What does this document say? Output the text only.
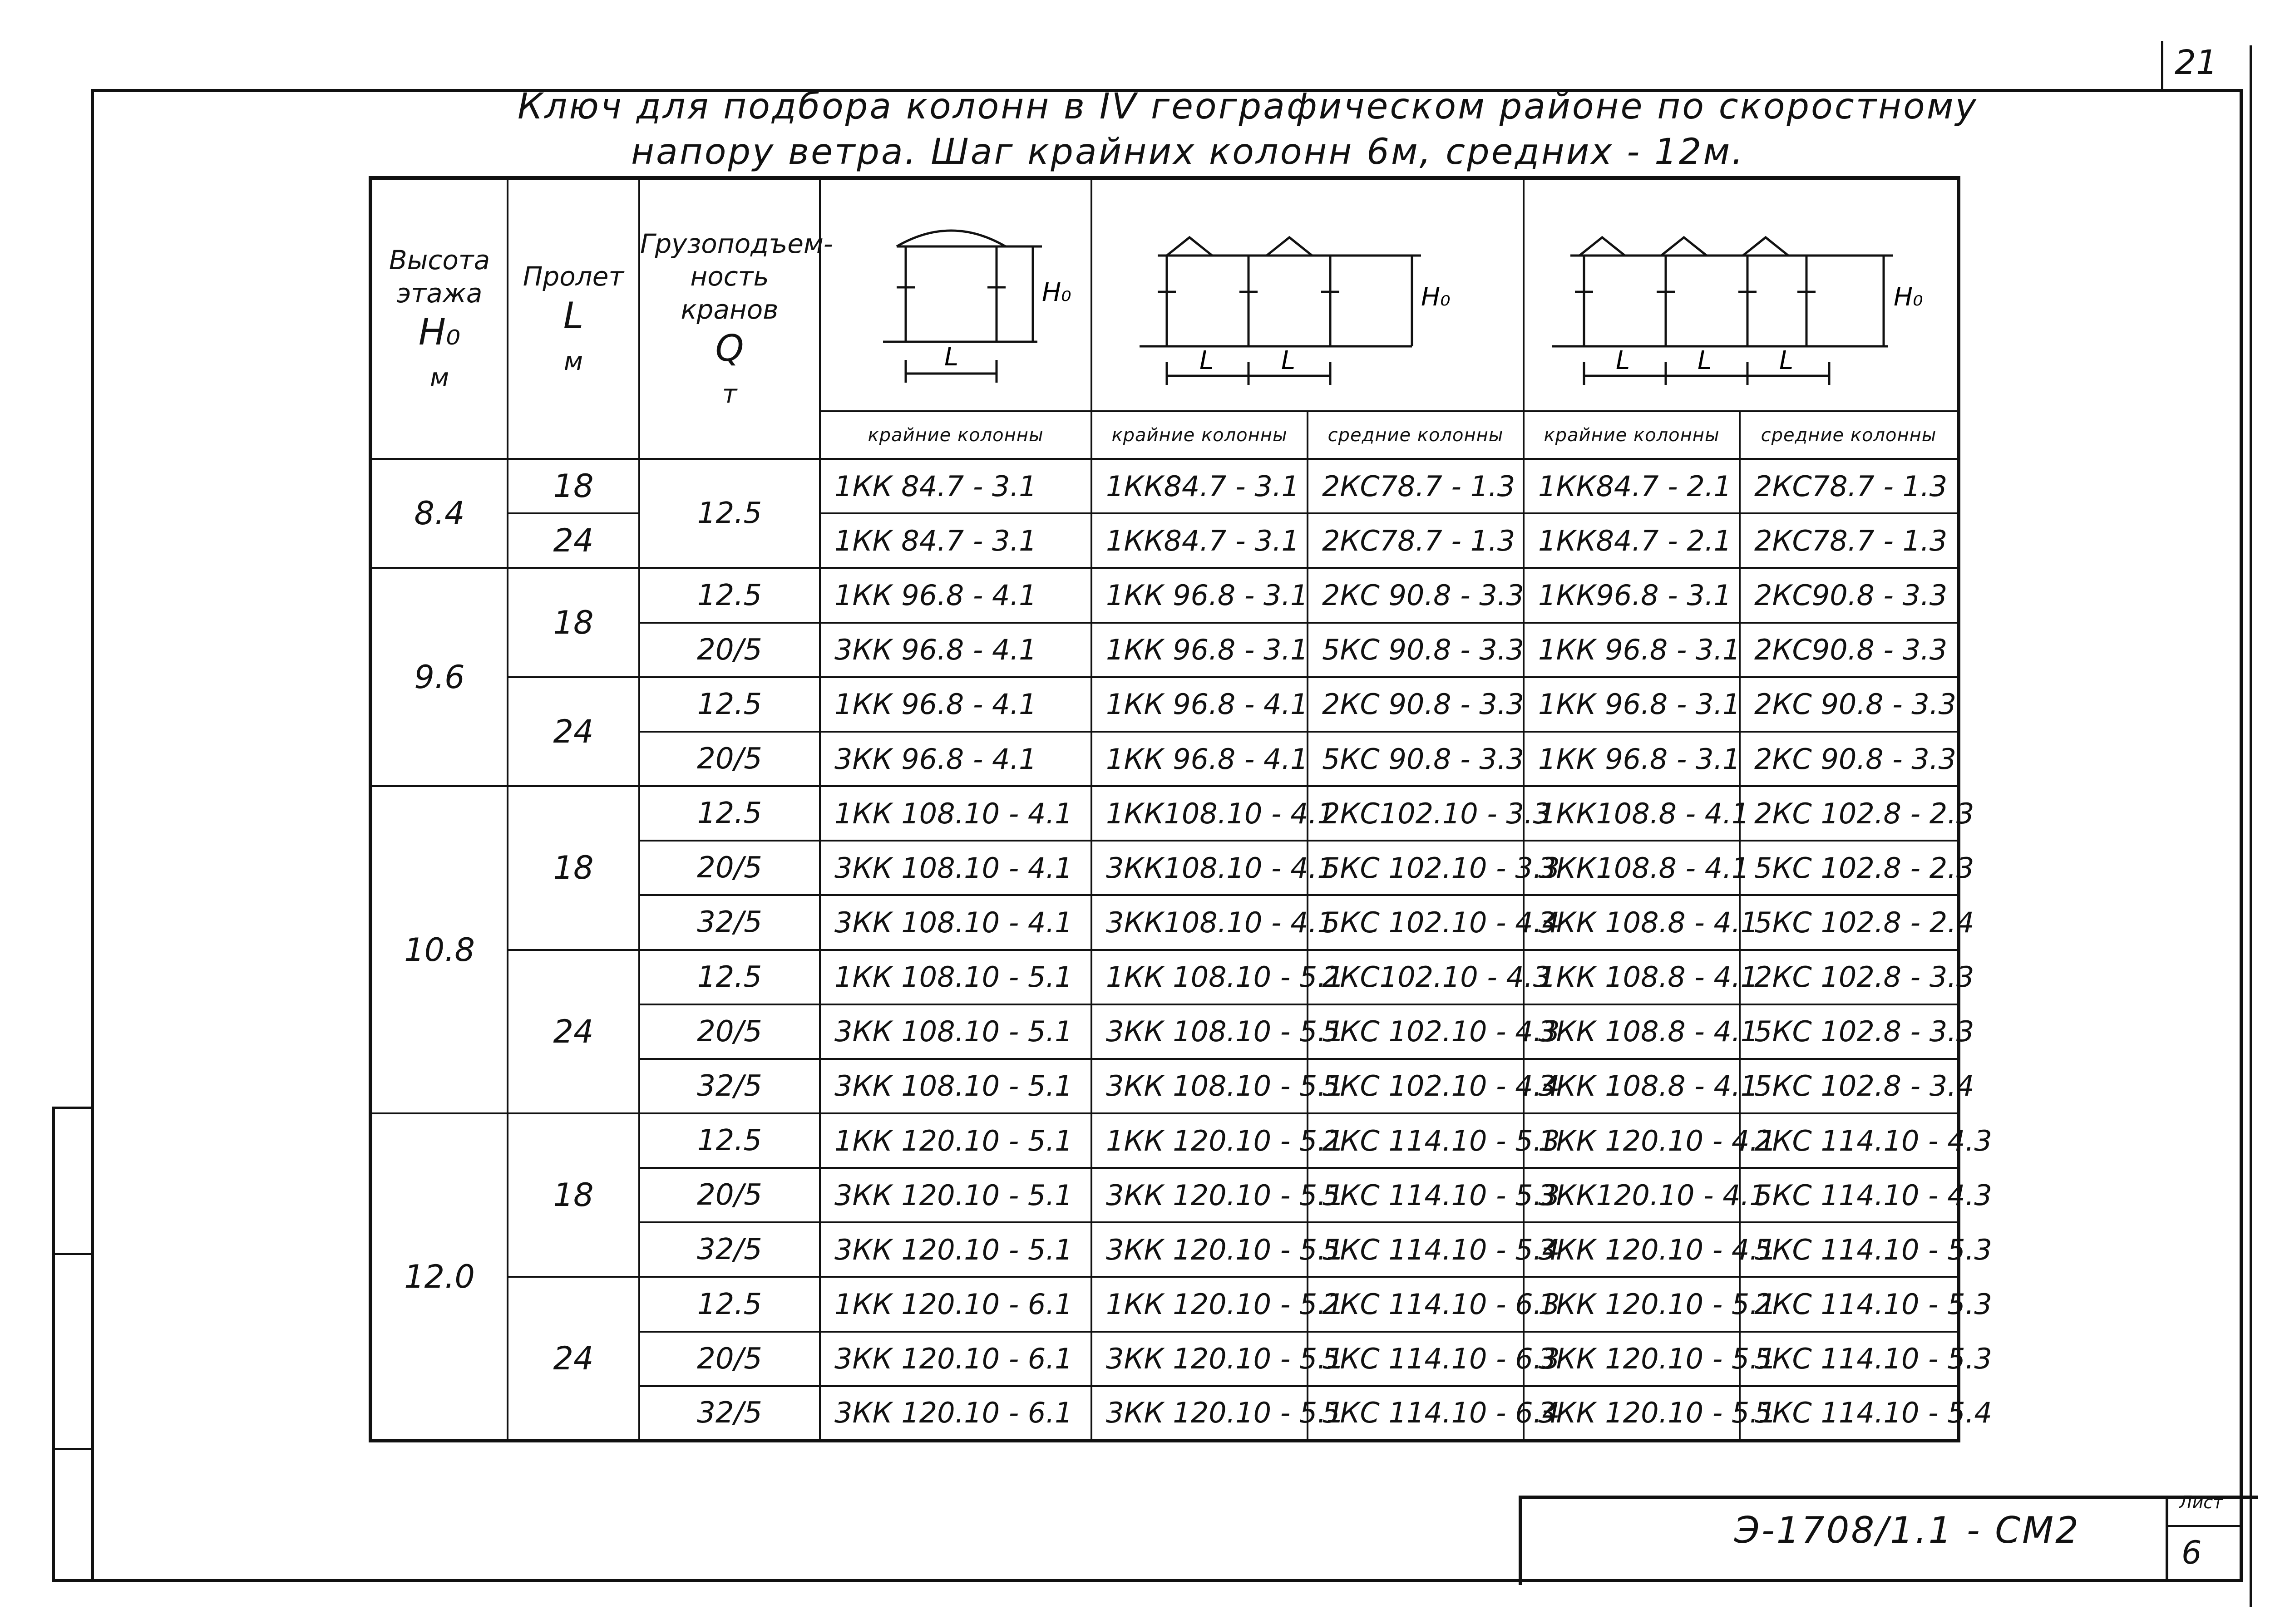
21
Ключ для подбора колонн в IV географическом районе по скоростному
напору ветра. Шаг крайних колонн 6м, средних - 12м.
Высота этажа
H₀
м	Пролет
L
м	Грузоподъем-ность кранов
Q
т	H₀
L	H₀
L L		H₀
L L L	

			крайние колонны	крайние колонны	средние колонны	крайние колонны	средние колонны
8.4	18	12.5	1КК 84.7 - 3.1	1КК84.7 - 3.1	2КС78.7 - 1.3	1КК84.7 - 2.1	2КС78.7 - 1.3
	24		1КК 84.7 - 3.1	1КК84.7 - 3.1	2КС78.7 - 1.3	1КК84.7 - 2.1	2КС78.7 - 1.3
9.6	18	12.5	1КК 96.8 - 4.1	1КК 96.8 - 3.1	2КС 90.8 - 3.3	1КК96.8 - 3.1	2КС90.8 - 3.3
		20/5	3КК 96.8 - 4.1	1КК 96.8 - 3.1	5КС 90.8 - 3.3	1КК 96.8 - 3.1	2КС90.8 - 3.3
	24	12.5	1КК 96.8 - 4.1	1КК 96.8 - 4.1	2КС 90.8 - 3.3	1КК 96.8 - 3.1	2КС 90.8 - 3.3
		20/5	3КК 96.8 - 4.1	1КК 96.8 - 4.1	5КС 90.8 - 3.3	1КК 96.8 - 3.1	2КС 90.8 - 3.3
10.8	18	12.5	1КК 108.10 - 4.1	1КК108.10 - 4.1	2КС102.10 - 3.3	1КК108.8 - 4.1	2КС 102.8 - 2.3
		20/5	3КК 108.10 - 4.1	3КК108.10 - 4.1	5КС 102.10 - 3.3	3КК108.8 - 4.1	5КС 102.8 - 2.3
		32/5	3КК 108.10 - 4.1	3КК108.10 - 4.1	5КС 102.10 - 4.4	3КК 108.8 - 4.1	5КС 102.8 - 2.4
	24	12.5	1КК 108.10 - 5.1	1КК 108.10 - 5.1	2КС102.10 - 4.3	1КК 108.8 - 4.1	2КС 102.8 - 3.3
		20/5	3КК 108.10 - 5.1	3КК 108.10 - 5.1	5КС 102.10 - 4.3	3КК 108.8 - 4.1	5КС 102.8 - 3.3
		32/5	3КК 108.10 - 5.1	3КК 108.10 - 5.1	5КС 102.10 - 4.4	3КК 108.8 - 4.1	5КС 102.8 - 3.4
12.0	18	12.5	1КК 120.10 - 5.1	1КК 120.10 - 5.1	2КС 114.10 - 5.3	1КК 120.10 - 4.1	2КС 114.10 - 4.3
		20/5	3КК 120.10 - 5.1	3КК 120.10 - 5.1	5КС 114.10 - 5.3	3КК120.10 - 4.1	5КС 114.10 - 4.3
		32/5	3КК 120.10 - 5.1	3КК 120.10 - 5.1	5КС 114.10 - 5.4	3КК 120.10 - 4.1	5КС 114.10 - 5.3
	24	12.5	1КК 120.10 - 6.1	1КК 120.10 - 5.1	2КС 114.10 - 6.3	1КК 120.10 - 5.1	2КС 114.10 - 5.3
		20/5	3КК 120.10 - 6.1	3КК 120.10 - 5.1	5КС 114.10 - 6.3	3КК 120.10 - 5.1	5КС 114.10 - 5.3
		32/5	3КК 120.10 - 6.1	3КК 120.10 - 5.1	5КС 114.10 - 6.4	3КК 120.10 - 5.1	5КС 114.10 - 5.4
Э-1708/1.1 - СМ2
Лист
6
